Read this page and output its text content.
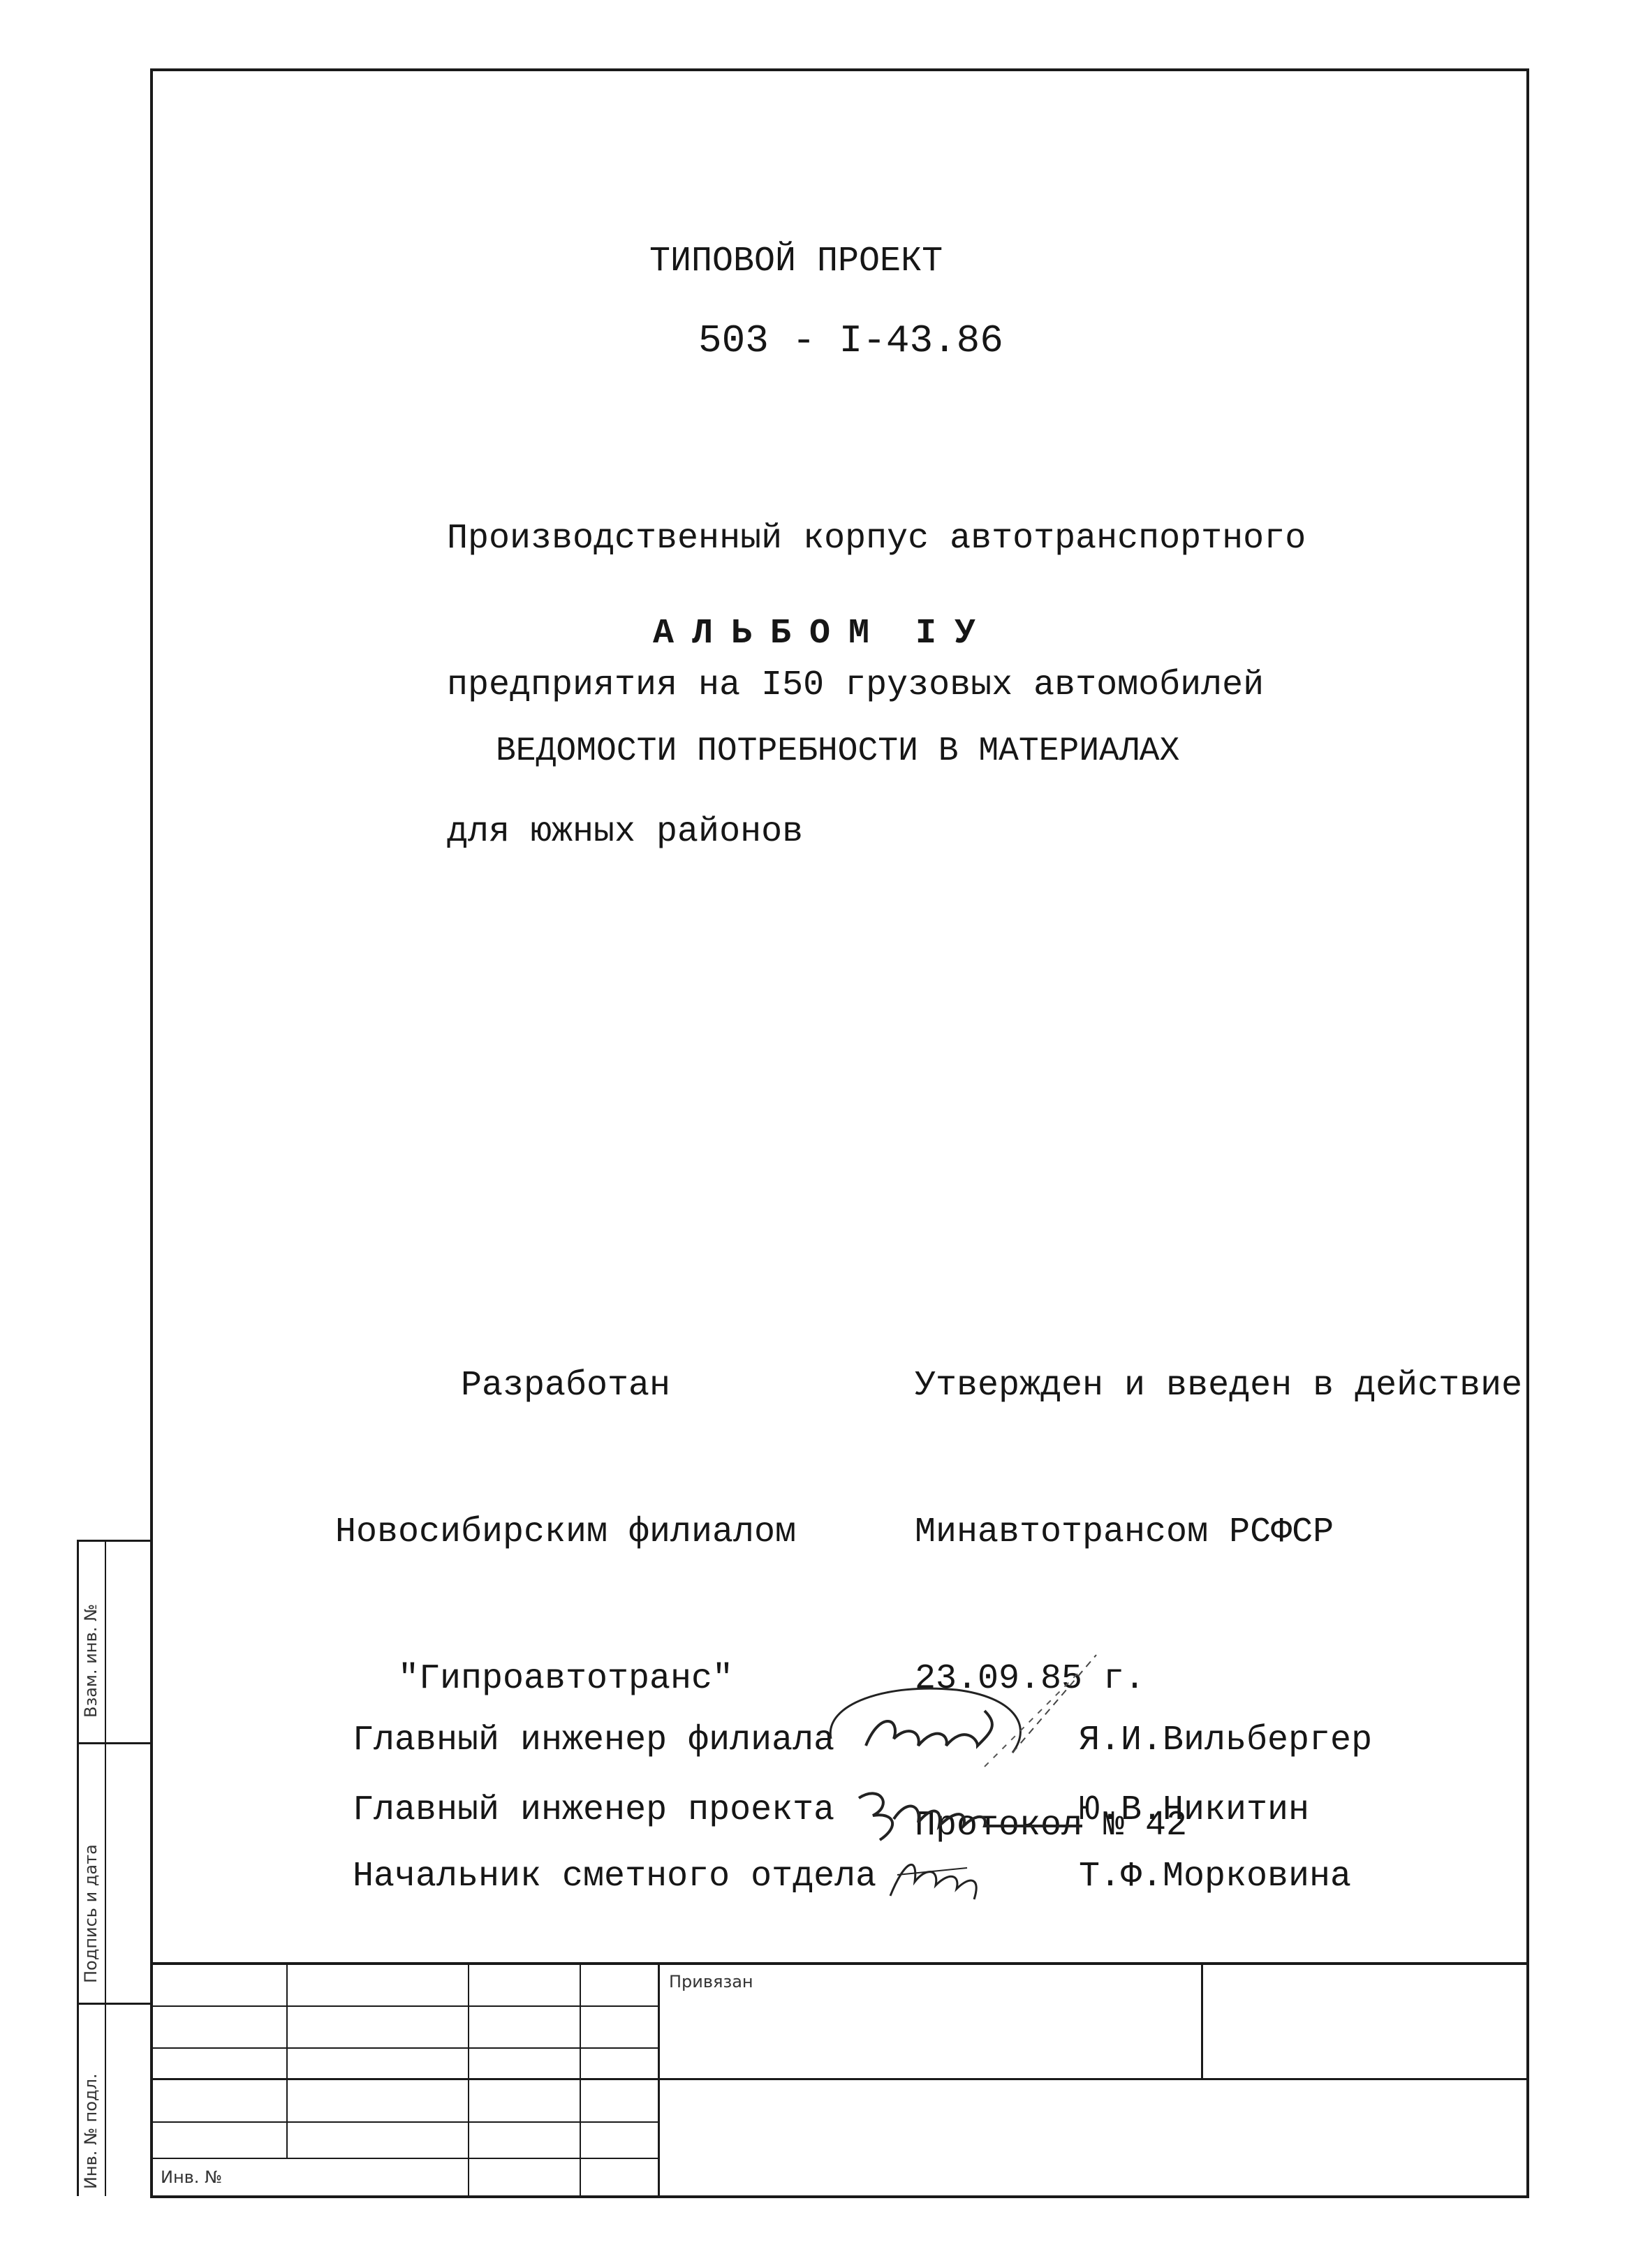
ТИПОВОЙ ПРОЕКТ
503 - I-43.86

Производственный корпус автотранспортного

предприятия на I50 грузовых автомобилей

для южных районов

АЛЬБОМ IУ
ВЕДОМОСТИ ПОТРЕБНОСТИ В МАТЕРИАЛАХ

Разработан

Новосибирским филиалом

"Гипроавтотранс"

Утвержден и введен в действие

Минавтотрансом РСФСР

23.09.85 г.

Протокол № 42

Главный инженер филиала	Я.И.Вильбергер
Главный инженер проекта	Ю.В.Никитин
Начальник сметного отдела	Т.Ф.Морковина
Привязан
Инв. №
Инв. № подл.
Подпись и дата
Взам. инв. №
